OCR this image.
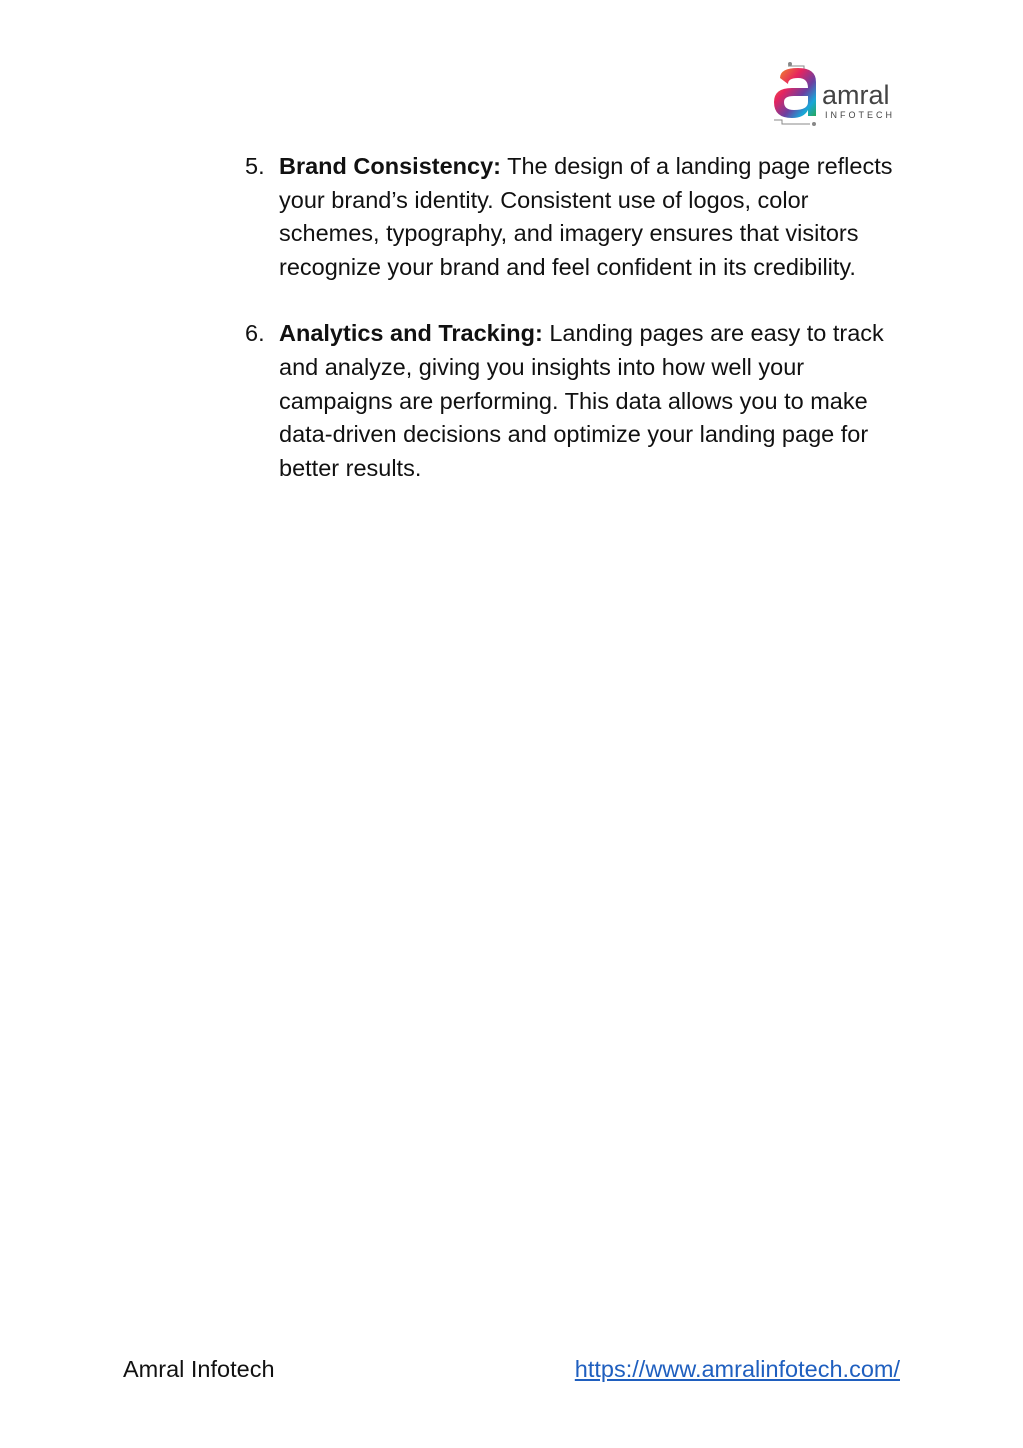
amral
INFOTECH
5. Brand Consistency: The design of a landing page reflects your brand’s identity. Consistent use of logos, color schemes, typography, and imagery ensures that visitors recognize your brand and feel confident in its credibility.
6. Analytics and Tracking: Landing pages are easy to track and analyze, giving you insights into how well your campaigns are performing. This data allows you to make data-driven decisions and optimize your landing page for better results.
Amral Infotech	https://www.amralinfotech.com/
